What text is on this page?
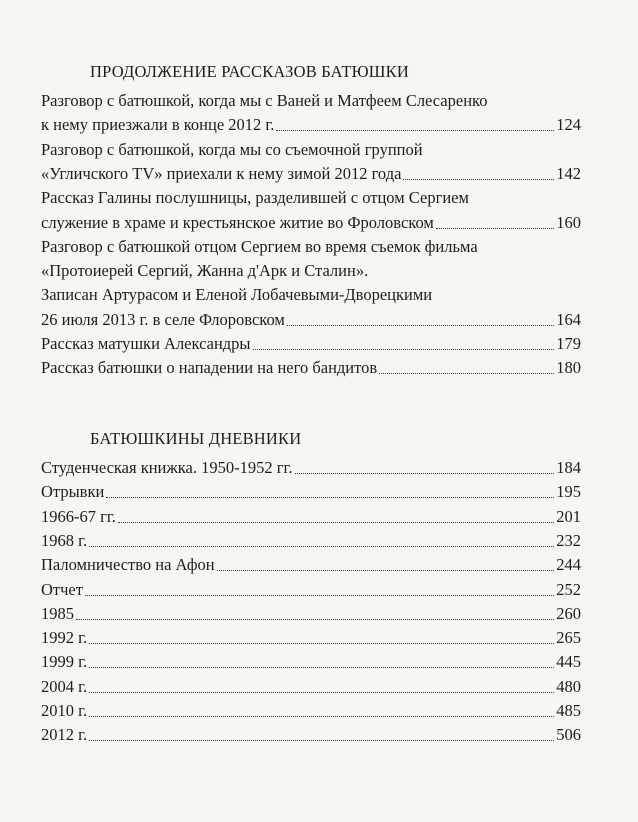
ПРОДОЛЖЕНИЕ РАССКАЗОВ БАТЮШКИ
Разговор с батюшкой, когда мы с Ваней и Матфеем Слесаренко
к нему приезжали в конце 2012 г.	124
Разговор с батюшкой, когда мы со съемочной группой
«Угличского TV» приехали к нему зимой 2012 года	142
Рассказ Галины послушницы, разделившей с отцом Сергием
служение в храме и крестьянское житие во Фроловском	160
Разговор с батюшкой отцом Сергием во время съемок фильма
«Протоиерей Сергий, Жанна д'Арк и Сталин».
Записан Артурасом и Еленой Лобачевыми-Дворецкими
26 июля 2013 г. в селе Флоровском	164
Рассказ матушки Александры	179
Рассказ батюшки о нападении на него бандитов	180
БАТЮШКИНЫ ДНЕВНИКИ
Студенческая книжка. 1950-1952 гг.	184
Отрывки	195
1966-67 гг.	201
1968 г.	232
Паломничество на Афон	244
Отчет	252
1985	260
1992 г.	265
1999 г.	445
2004 г.	480
2010 г.	485
2012 г.	506
